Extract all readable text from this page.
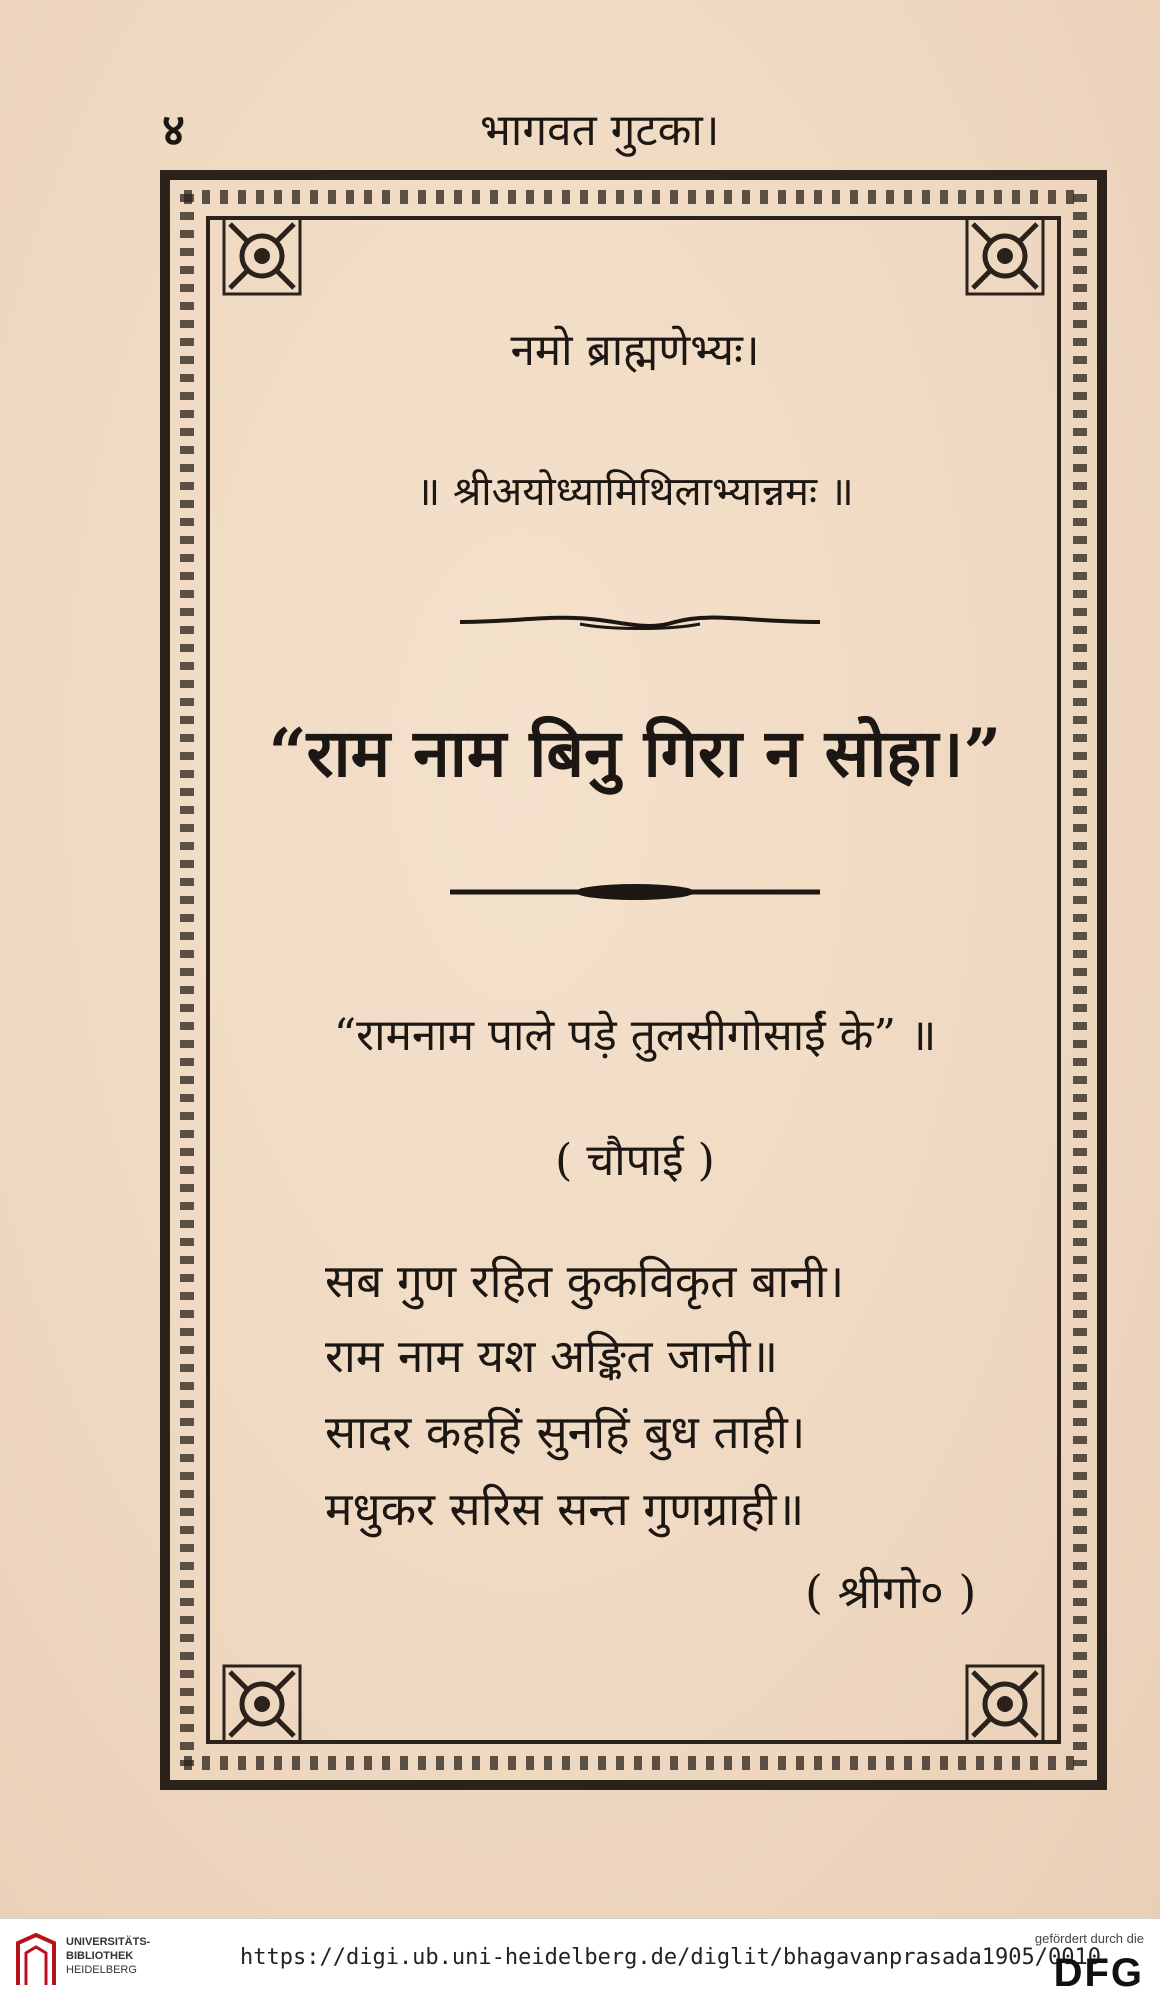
४	भागवत गुटका।
नमो ब्राह्मणेभ्यः।
॥ श्रीअयोध्यामिथिलाभ्यान्नमः ॥
“राम नाम बिनु गिरा न सोहा।”
“रामनाम पाले पड़े तुलसीगोसाईं के” ॥
( चौपाई )
सब गुण रहित कुकविकृत बानी।
राम नाम यश अङ्कित जानी॥
सादर कहहिं सुनहिं बुध ताही।
मधुकर सरिस सन्त गुणग्राही॥
( श्रीगो० )
UNIVERSITÄTS-
BIBLIOTHEK
HEIDELBERG	https://digi.ub.uni-heidelberg.de/diglit/bhagavanprasada1905/0010
gefördert durch die
DFG
